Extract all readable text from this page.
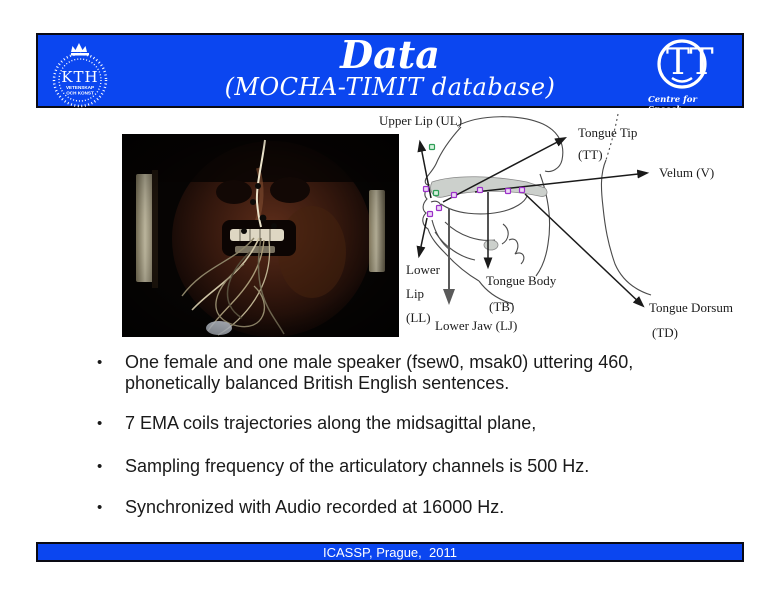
KTH
VETENSKAP
OCH KONST
Data
(MOCHA-TIMIT database)
TT
Centre for
Speech Technology
Upper Lip (UL)
Tongue Tip
(TT)
Velum (V)
Lower
Lip
(LL)
Tongue Body
(TB)
Lower Jaw (LJ)
Tongue Dorsum
(TD)
•	One female and one male speaker (fsew0, msak0) uttering 460, phonetically balanced British English sentences.
•	7 EMA coils trajectories along the midsagittal plane,
•	Sampling frequency of the articulatory channels is 500 Hz.
•	Synchronized with Audio recorded at 16000 Hz.
ICASSP, Prague,  2011
